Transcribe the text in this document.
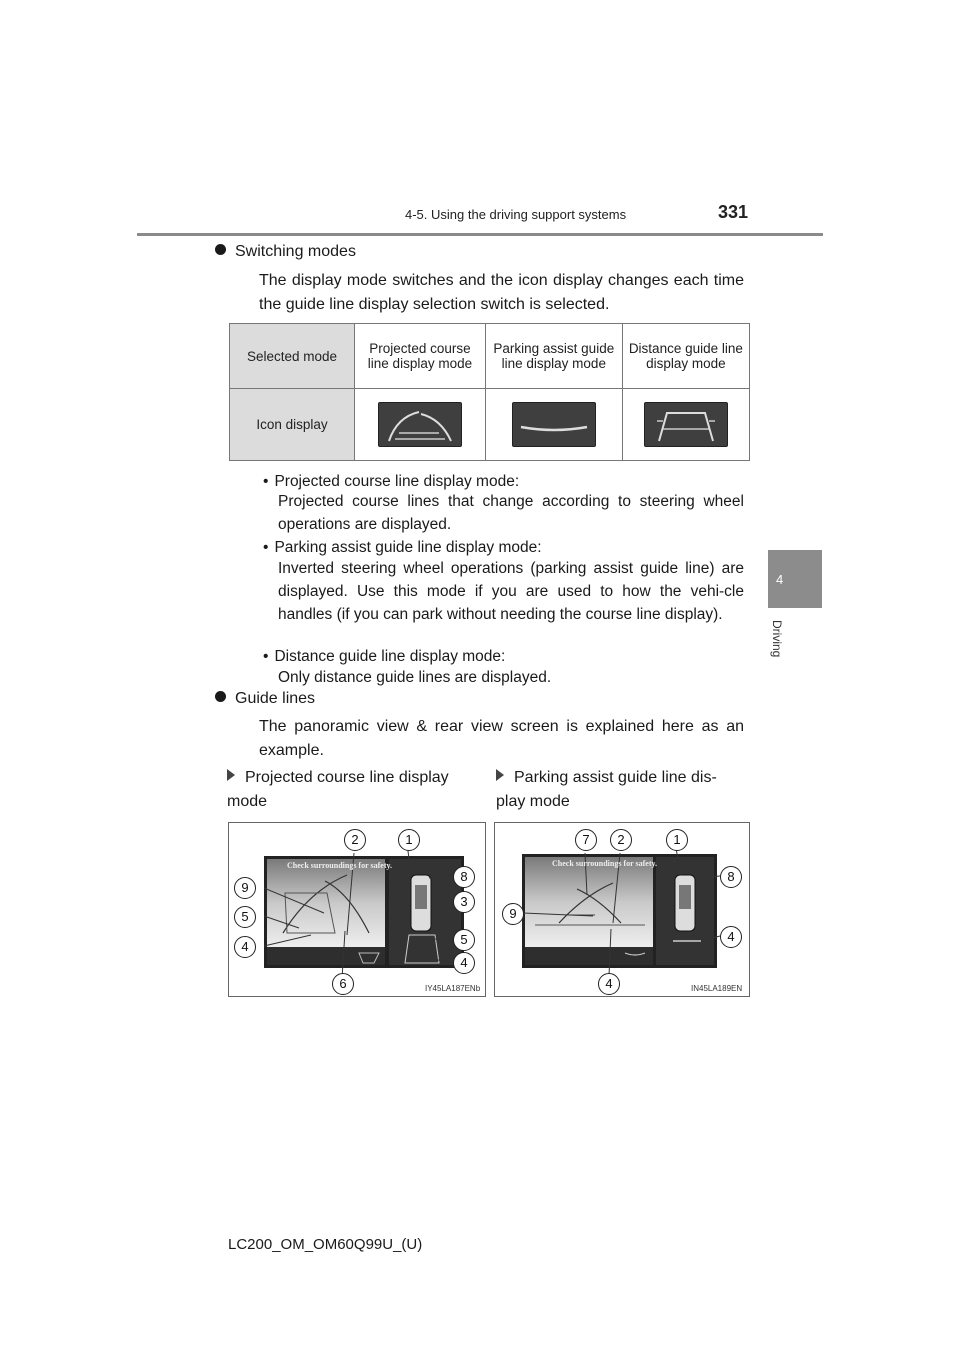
4-5. Using the driving support systems	331
4
Driving
Switching modes
The display mode switches and the icon display changes each time the guide line display selection switch is selected.
Selected mode	Projected course line display mode	Parking assist guide line display mode	Distance guide line display mode
Icon display			
• Projected course line display mode:
Projected course lines that change according to steering wheel operations are displayed.
• Parking assist guide line display mode:
Inverted steering wheel operations (parking assist guide line) are displayed. Use this mode if you are used to how the vehi-cle handles (if you can park without needing the course line display).
• Distance guide line display mode:
Only distance guide lines are displayed.
Guide lines
The panoramic view & rear view screen is explained here as an example.
Projected course line display mode
Parking assist guide line dis-play mode
Check surroundings for safety.
2	1
9
8
3
5
5
4
4
6	IY45LA187ENb
Check surroundings for safety.
7	2	1
8
9
4
4	IN45LA189EN
LC200_OM_OM60Q99U_(U)
